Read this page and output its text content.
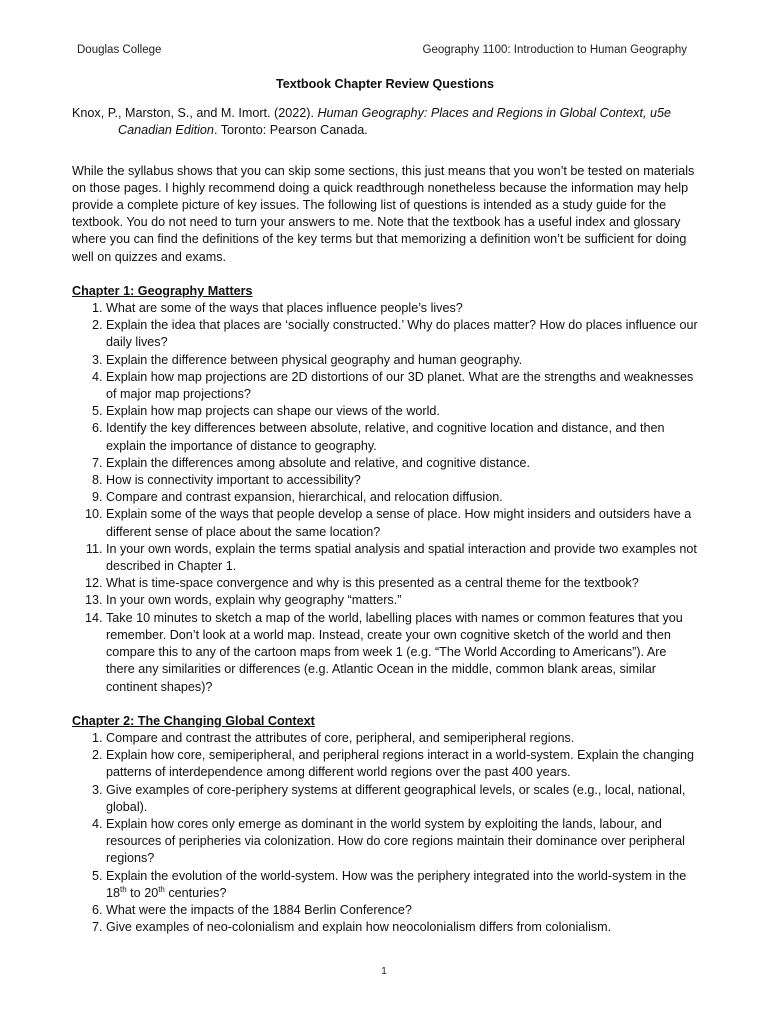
Douglas College	Geography 1100: Introduction to Human Geography
Textbook Chapter Review Questions
Knox, P., Marston, S., and M. Imort. (2022). Human Geography: Places and Regions in Global Context, u5e Canadian Edition. Toronto: Pearson Canada.
While the syllabus shows that you can skip some sections, this just means that you won’t be tested on materials on those pages. I highly recommend doing a quick readthrough nonetheless because the information may help provide a complete picture of key issues. The following list of questions is intended as a study guide for the textbook. You do not need to turn your answers to me. Note that the textbook has a useful index and glossary where you can find the definitions of the key terms but that memorizing a definition won’t be sufficient for doing well on quizzes and exams.
Chapter 1: Geography Matters
1. What are some of the ways that places influence people’s lives?
2. Explain the idea that places are ‘socially constructed.’ Why do places matter? How do places influence our daily lives?
3. Explain the difference between physical geography and human geography.
4. Explain how map projections are 2D distortions of our 3D planet. What are the strengths and weaknesses of major map projections?
5. Explain how map projects can shape our views of the world.
6. Identify the key differences between absolute, relative, and cognitive location and distance, and then explain the importance of distance to geography.
7. Explain the differences among absolute and relative, and cognitive distance.
8. How is connectivity important to accessibility?
9. Compare and contrast expansion, hierarchical, and relocation diffusion.
10. Explain some of the ways that people develop a sense of place. How might insiders and outsiders have a different sense of place about the same location?
11. In your own words, explain the terms spatial analysis and spatial interaction and provide two examples not described in Chapter 1.
12. What is time-space convergence and why is this presented as a central theme for the textbook?
13. In your own words, explain why geography “matters.”
14. Take 10 minutes to sketch a map of the world, labelling places with names or common features that you remember. Don’t look at a world map. Instead, create your own cognitive sketch of the world and then compare this to any of the cartoon maps from week 1 (e.g. “The World According to Americans”). Are there any similarities or differences (e.g. Atlantic Ocean in the middle, common blank areas, similar continent shapes)?
Chapter 2: The Changing Global Context
1. Compare and contrast the attributes of core, peripheral, and semiperipheral regions.
2. Explain how core, semiperipheral, and peripheral regions interact in a world-system. Explain the changing patterns of interdependence among different world regions over the past 400 years.
3. Give examples of core-periphery systems at different geographical levels, or scales (e.g., local, national, global).
4. Explain how cores only emerge as dominant in the world system by exploiting the lands, labour, and resources of peripheries via colonization. How do core regions maintain their dominance over peripheral regions?
5. Explain the evolution of the world-system. How was the periphery integrated into the world-system in the 18th to 20th centuries?
6. What were the impacts of the 1884 Berlin Conference?
7. Give examples of neo-colonialism and explain how neocolonialism differs from colonialism.
1
